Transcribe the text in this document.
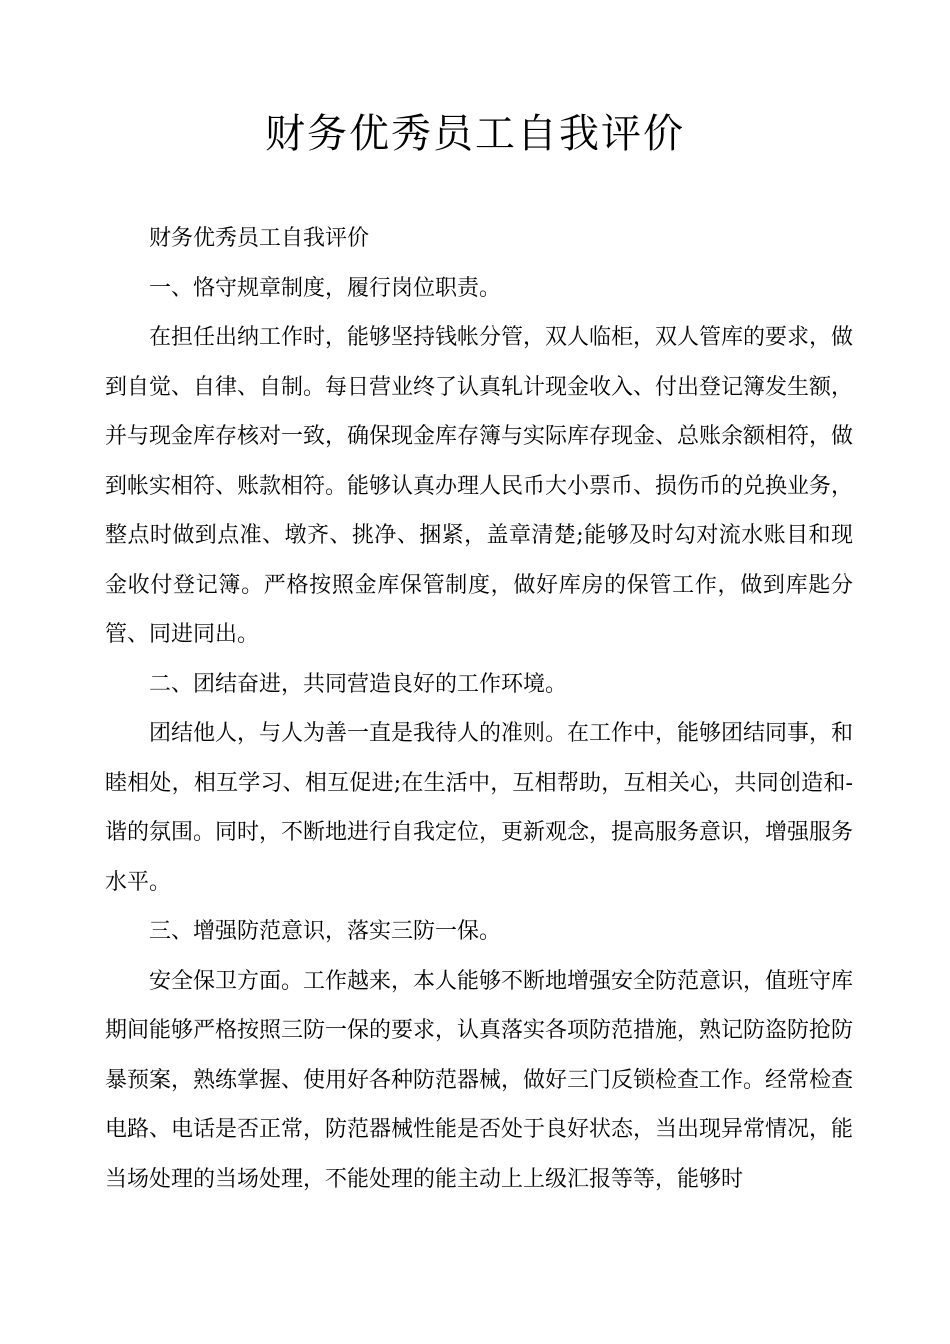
财务优秀员工自我评价

财务优秀员工自我评价

一、恪守规章制度，履行岗位职责。

在担任出纳工作时，能够坚持钱帐分管，双人临柜，双人管库的要求，做到自觉、自律、自制。每日营业终了认真轧计现金收入、付出登记簿发生额，并与现金库存核对一致，确保现金库存簿与实际库存现金、总账余额相符，做到帐实相符、账款相符。能够认真办理人民币大小票币、损伤币的兑换业务，整点时做到点准、墩齐、挑净、捆紧，盖章清楚;能够及时勾对流水账目和现金收付登记簿。严格按照金库保管制度，做好库房的保管工作，做到库匙分管、同进同出。

二、团结奋进，共同营造良好的工作环境。

团结他人，与人为善一直是我待人的准则。在工作中，能够团结同事，和睦相处，相互学习、相互促进;在生活中，互相帮助，互相关心，共同创造和-谐的氛围。同时，不断地进行自我定位，更新观念，提高服务意识，增强服务水平。

三、增强防范意识，落实三防一保。

安全保卫方面。工作越来，本人能够不断地增强安全防范意识，值班守库期间能够严格按照三防一保的要求，认真落实各项防范措施，熟记防盗防抢防暴预案，熟练掌握、使用好各种防范器械，做好三门反锁检查工作。经常检查电路、电话是否正常，防范器械性能是否处于良好状态，当出现异常情况，能当场处理的当场处理，不能处理的能主动上上级汇报等等，能够时
